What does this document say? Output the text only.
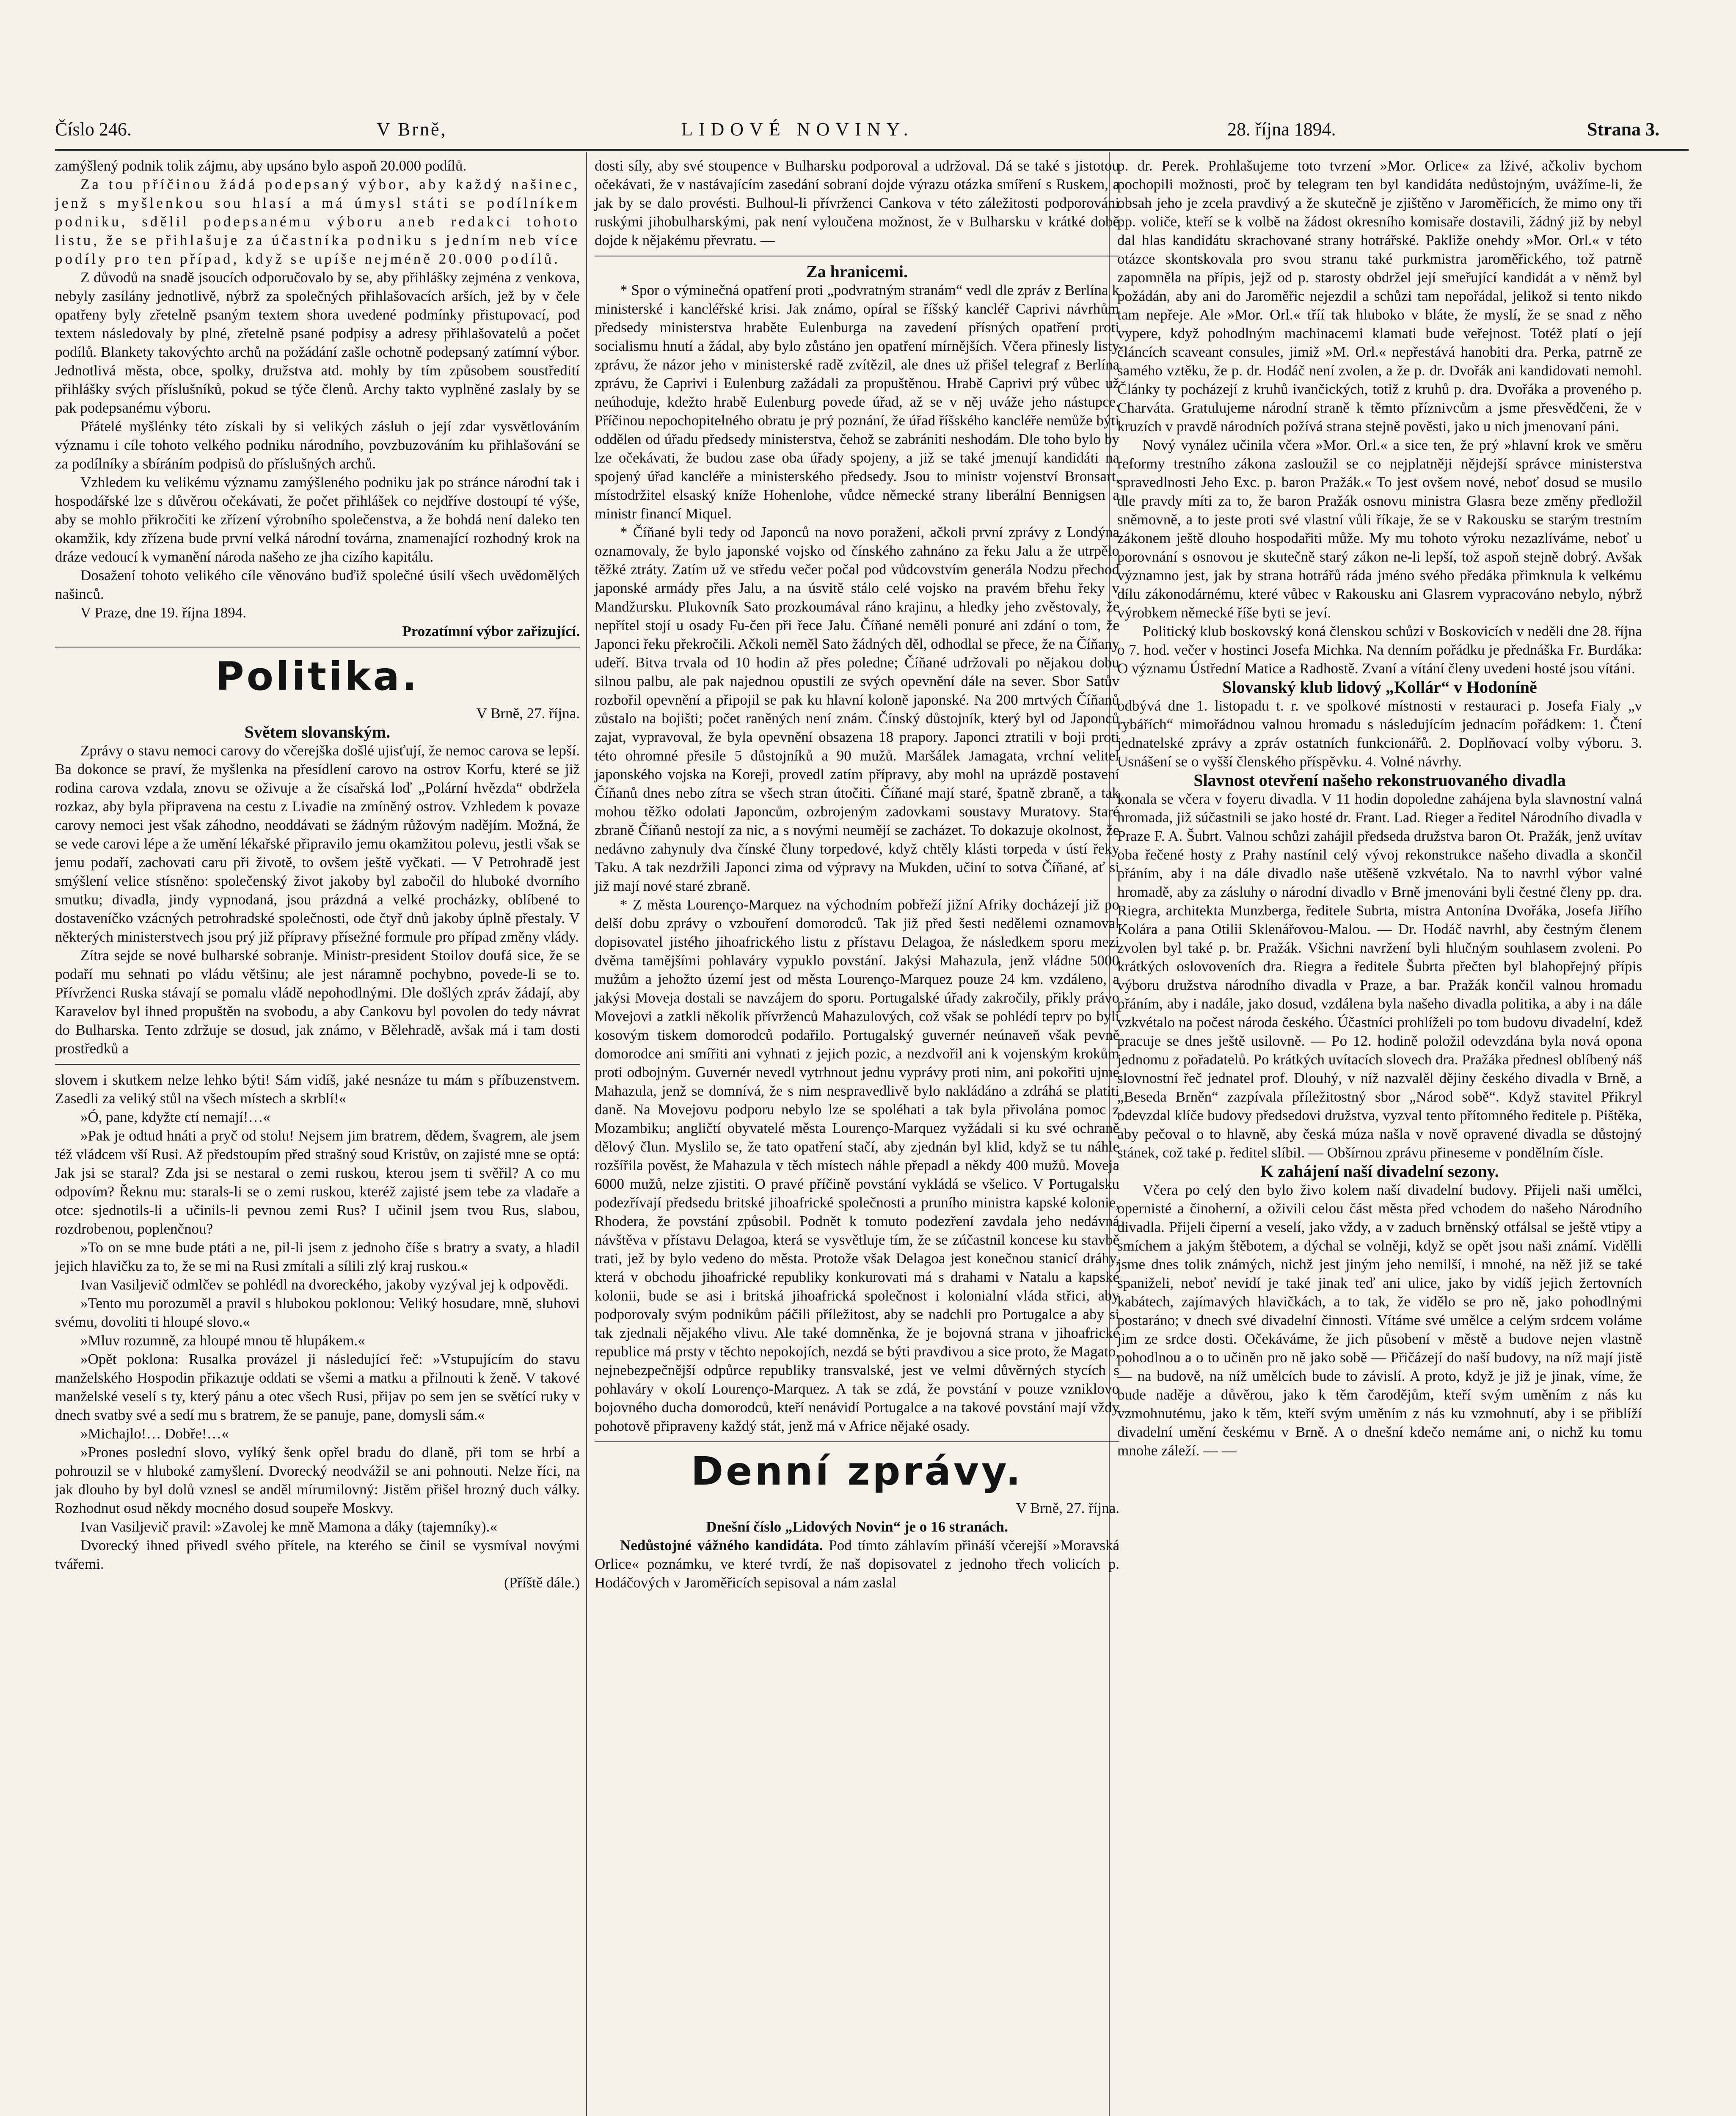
Číslo 246.	V Brně,	LIDOVÉ NOVINY.	28. října 1894.	Strana 3.

zamýšlený podnik tolik zájmu, aby upsáno bylo aspoň 20.000 podílů.

Za tou příčinou žádá podepsaný výbor, aby každý našinec, jenž s myšlenkou sou hlasí a má úmysl státi se podílníkem podniku, sdělil podepsanému výboru aneb redakci tohoto listu, že se přihlašuje za účastníka podniku s jedním neb více podíly pro ten případ, když se upíše nejméně 20.000 podílů.

Z důvodů na snadě jsoucích odporučovalo by se, aby přihlášky zejména z venkova, nebyly zasílány jednotlivě, nýbrž za společných přihlašovacích arších, jež by v čele opatřeny byly zřetelně psaným textem shora uvedené podmínky přistupovací, pod textem následovaly by plné, zřetelně psané podpisy a adresy přihlašovatelů a počet podílů. Blankety takovýchto archů na požádání zašle ochotně podepsaný zatímní výbor. Jednotlivá města, obce, spolky, družstva atd. mohly by tím způsobem soustředití přihlášky svých příslušníků, pokud se týče členů. Archy takto vyplněné zaslaly by se pak podepsanému výboru.

Přátelé myšlénky této získali by si velikých zásluh o její zdar vysvětlováním významu i cíle tohoto velkého podniku národního, povzbuzováním ku přihlašování se za podílníky a sbíráním podpisů do příslušných archů.

Vzhledem ku velikému významu zamýšleného podniku jak po stránce národní tak i hospodářské lze s důvěrou očekávati, že počet přihlášek co nejdříve dostoupí té výše, aby se mohlo přikročiti ke zřízení výrobního společenstva, a že bohdá není daleko ten okamžik, kdy zřízena bude první velká národní továrna, znamenající rozhodný krok na dráze vedoucí k vymanění národa našeho ze jha cizího kapitálu.

Dosažení tohoto velikého cíle věnováno buďiž společné úsilí všech uvědomělých našinců.

V Praze, dne 19. října 1894.

Prozatímní výbor zařizující.

Politika.

V Brně, 27. října.

Světem slovanským.

Zprávy o stavu nemoci carovy do včerejška došlé ujisťují, že nemoc carova se lepší. Ba dokonce se praví, že myšlenka na přesídlení carovo na ostrov Korfu, které se již rodina carova vzdala, znovu se oživuje a že císařská loď „Polární hvězda“ obdržela rozkaz, aby byla připravena na cestu z Livadie na zmíněný ostrov. Vzhledem k povaze carovy nemoci jest však záhodno, neoddávati se žádným růžovým nadějím. Možná, že se vede carovi lépe a že umění lékařské připravilo jemu okamžitou polevu, jestli však se jemu podaří, zachovati caru při životě, to ovšem ještě vyčkati. — V Petrohradě jest smýšlení velice stísněno: společenský život jakoby byl zabočil do hluboké dvorního smutku; divadla, jindy vypnodaná, jsou prázdná a velké procházky, oblíbené to dostaveníčko vzácných petrohradské společnosti, ode čtyř dnů jakoby úplně přestaly. V některých ministerstvech jsou prý již přípravy přísežné formule pro případ změny vlády.

Zítra sejde se nové bulharské sobranje. Ministr-president Stoilov doufá sice, že se podaří mu sehnati po vládu většinu; ale jest náramně pochybno, povede-li se to. Přívrženci Ruska stávají se pomalu vládě nepohodlnými. Dle došlých zpráv žádají, aby Karavelov byl ihned propuštěn na svobodu, a aby Cankovu byl povolen do tedy návrat do Bulharska. Tento zdržuje se dosud, jak známo, v Bělehradě, avšak má i tam dosti prostředků a

slovem i skutkem nelze lehko býti! Sám vidíš, jaké nesnáze tu mám s příbuzenstvem. Zasedli za veliký stůl na všech místech a skrblí!«

»Ó, pane, kdyžte ctí nemají!…«

»Pak je odtud hnáti a pryč od stolu! Nejsem jim bratrem, dědem, švagrem, ale jsem též vládcem vší Rusi. Až předstoupím před strašný soud Kristův, on zajisté mne se optá: Jak jsi se staral? Zda jsi se nestaral o zemi ruskou, kterou jsem ti svěřil? A co mu odpovím? Řeknu mu: starals-li se o zemi ruskou, kteréž zajisté jsem tebe za vladaře a otce: sjednotils-li a učinils-li pevnou zemi Rus? I učinil jsem tvou Rus, slabou, rozdrobenou, poplenčnou?

»To on se mne bude ptáti a ne, pil-li jsem z jednoho číše s bratry a svaty, a hladil jejich hlavičku za to, že se mi na Rusi zmítali a sílili zlý kraj ruskou.«

Ivan Vasiljevič odmlčev se pohlédl na dvoreckého, jakoby vyzýval jej k odpovědi.

»Tento mu porozuměl a pravil s hlubokou poklonou: Veliký hosudare, mně, sluhovi svému, dovoliti ti hloupé slovo.«

»Mluv rozumně, za hloupé mnou tě hlupákem.«

»Opět poklona: Rusalka provázel ji následující řeč: »Vstupujícím do stavu manželského Hospodin přikazuje oddati se všemi a matku a přilnouti k ženě. V takové manželské veselí s ty, který pánu a otec všech Rusi, přijav po sem jen se světící ruky v dnech svatby své a sedí mu s bratrem, že se panuje, pane, domysli sám.«

»Michajlo!… Dobře!…«

»Prones poslední slovo, vylíký šenk opřel bradu do dlaně, při tom se hrbí a pohrouzil se v hluboké zamyšlení. Dvorecký neodvážil se ani pohnouti. Nelze říci, na jak dlouho by byl dolů vznesl se anděl mírumilovný: Jistěm přišel hrozný duch války. Rozhodnut osud někdy mocného dosud soupeře Moskvy.

Ivan Vasiljevič pravil: »Zavolej ke mně Mamona a dáky (tajemníky).«

Dvorecký ihned přivedl svého přítele, na kterého se činil se vysmíval novými tvářemi.

(Příště dále.)

dosti síly, aby své stoupence v Bulharsku podporoval a udržoval. Dá se také s jistotou očekávati, že v nastávajícím zasedání sobraní dojde výrazu otázka smíření s Ruskem, a jak by se dalo provésti. Bulhoul-li přívrženci Cankova v této záležitosti podporováni ruskými jihobulharskými, pak není vyloučena možnost, že v Bulharsku v krátké době dojde k nějakému převratu. —

Za hranicemi.

* Spor o výminečná opatření proti „podvratným stranám“ vedl dle zpráv z Berlína k ministerské i kancléřské krisi. Jak známo, opíral se říšský kancléř Caprivi návrhům předsedy ministerstva hraběte Eulenburga na zavedení přísných opatření proti socialismu hnutí a žádal, aby bylo zůstáno jen opatření mírnějších. Včera přinesly listy zprávu, že názor jeho v ministerské radě zvítězil, ale dnes už přišel telegraf z Berlína zprávu, že Caprivi i Eulenburg zažádali za propuštěnou. Hrabě Caprivi prý vůbec už neúhoduje, kdežto hrabě Eulenburg povede úřad, až se v něj uváže jeho nástupce. Příčinou nepochopitelného obratu je prý poznání, že úřad říšského kancléře nemůže býti oddělen od úřadu předsedy ministerstva, čehož se zabrániti neshodám. Dle toho bylo by lze očekávati, že budou zase oba úřady spojeny, a již se také jmenují kandidáti na spojený úřad kancléře a ministerského předsedy. Jsou to ministr vojenství Bronsart, místodržitel elsaský kníže Hohenlohe, vůdce německé strany liberální Bennigsen a ministr financí Miquel.

* Číňané byli tedy od Japonců na novo poraženi, ačkoli první zprávy z Londýna oznamovaly, že bylo japonské vojsko od čínského zahnáno za řeku Jalu a že utrpělo těžké ztráty. Zatím už ve středu večer počal pod vůdcovstvím generála Nodzu přechod japonské armády přes Jalu, a na úsvitě stálo celé vojsko na pravém břehu řeky v Mandžursku. Plukovník Sato prozkoumával ráno krajinu, a hledky jeho zvěstovaly, že nepřítel stojí u osady Fu-čen při řece Jalu. Číňané neměli ponuré ani zdání o tom, že Japonci řeku překročili. Ačkoli neměl Sato žádných děl, odhodlal se přece, že na Číňany udeří. Bitva trvala od 10 hodin až přes poledne; Číňané udržovali po nějakou dobu silnou palbu, ale pak najednou opustili ze svých opevnění dále na sever. Sbor Satův rozbořil opevnění a připojil se pak ku hlavní koloně japonské. Na 200 mrtvých Číňanů zůstalo na bojišti; počet raněných není znám. Čínský důstojník, který byl od Japonců zajat, vypravoval, že byla opevnění obsazena 18 prapory. Japonci ztratili v boji proti této ohromné přesile 5 důstojníků a 90 mužů. Maršálek Jamagata, vrchní velitel japonského vojska na Koreji, provedl zatím přípravy, aby mohl na uprázdě postavení Číňanů dnes nebo zítra se všech stran útočiti. Číňané mají staré, špatně zbraně, a tak mohou těžko odolati Japoncům, ozbrojeným zadovkami soustavy Muratovy. Staré zbraně Číňanů nestojí za nic, a s novými neumějí se zacházet. To dokazuje okolnost, že nedávno zahynuly dva čínské čluny torpedové, když chtěly klásti torpeda v ústí řeky Taku. A tak nezdržili Japonci zima od výpravy na Mukden, učiní to sotva Číňané, ať si již mají nové staré zbraně.

* Z města Lourenço-Marquez na východním pobřeží jižní Afriky docházejí již po delší dobu zprávy o vzbouření domorodců. Tak již před šesti nedělemi oznamoval dopisovatel jistého jihoafrického listu z přístavu Delagoa, že následkem sporu mezi dvěma tamějšími pohlaváry vypuklo povstání. Jakýsi Mahazula, jenž vládne 5000 mužům a jehožto území jest od města Lourenço-Marquez pouze 24 km. vzdáleno, a jakýsi Moveja dostali se navzájem do sporu. Portugalské úřady zakročily, přikly právo Movejovi a zatkli několik přívrženců Mahazulových, což však se pohlédí teprv po byli kosovým tiskem domorodců podařilo. Portugalský guvernér neúnaveň však pevně domorodce ani smířiti ani vyhnati z jejich pozic, a nezdvořil ani k vojenským krokům proti odbojným. Guvernér nevedl vytrhnout jednu vyprávy proti nim, ani pokořiti ujme Mahazula, jenž se domnívá, že s nim nespravedlivě bylo nakládáno a zdráhá se platiti daně. Na Movejovu podporu nebylo lze se spoléhati a tak byla přivolána pomoc z Mozambiku; angličtí obyvatelé města Lourenço-Marquez vyžádali si ku své ochraně dělový člun. Myslilo se, že tato opatření stačí, aby zjednán byl klid, když se tu náhle rozšířila pověst, že Mahazula v těch místech náhle přepadl a někdy 400 mužů. Moveja 6000 mužů, nelze zjistiti. O pravé příčině povstání vykládá se všelico. V Portugalsku podezřívají předsedu britské jihoafrické společnosti a pruního ministra kapské kolonie, Rhodera, že povstání způsobil. Podnět k tomuto podezření zavdala jeho nedávná návštěva v přístavu Delagoa, která se vysvětluje tím, že se zúčastnil koncese ku stavbě trati, jež by bylo vedeno do města. Protože však Delagoa jest konečnou stanicí dráhy, která v obchodu jihoafrické republiky konkurovati má s drahami v Natalu a kapské kolonii, bude se asi i britská jihoafrická společnost i kolonialní vláda střici, aby podporovaly svým podnikům páčili příležitost, aby se nadchli pro Portugalce a aby si tak zjednali nějakého vlivu. Ale také domněnka, že je bojovná strana v jihoafrické republice má prsty v těchto nepokojích, nezdá se býti pravdivou a sice proto, že Magato, nejnebezpečnější odpůrce republiky transvalské, jest ve velmi důvěrných stycích s pohlaváry v okolí Lourenço-Marquez. A tak se zdá, že povstání v pouze vzniklovo bojovného ducha domorodců, kteří nenávidí Portugalce a na takové povstání mají vždy pohotově připraveny každý stát, jenž má v Africe nějaké osady.

Denní zprávy.

V Brně, 27. října.

Dnešní číslo „Lidových Novin“ je o 16 stranách.

Nedůstojné vážného kandidáta. Pod tímto záhlavím přináší včerejší »Moravská Orlice« poznámku, ve které tvrdí, že naš dopisovatel z jednoho třech volicích p. Hodáčových v Jaroměřicích sepisoval a nám zaslal

p. dr. Perek. Prohlašujeme toto tvrzení »Mor. Orlice« za lživé, ačkoliv bychom pochopili možnosti, proč by telegram ten byl kandidáta nedůstojným, uvážíme-li, že obsah jeho je zcela pravdivý a že skutečně je zjištěno v Jaroměřicích, že mimo ony tři pp. voliče, kteří se k volbě na žádost okresního komisaře dostavili, žádný již by nebyl dal hlas kandidátu skrachované strany hotrářské. Pakliže onehdy »Mor. Orl.« v této otázce skontskovala pro svou stranu také purkmistra jaroměřického, tož patrně zapomněla na přípis, jejž od p. starosty obdržel její smeřující kandidát a v němž byl požádán, aby ani do Jaroměřic nejezdil a schůzi tam nepořádal, jelikož si tento nikdo tam nepřeje. Ale »Mor. Orl.« tříí tak hluboko v bláte, že myslí, že se snad z něho vypere, když pohodlným machinacemi klamati bude veřejnost. Totéž platí o její článcích scaveant consules, jimiž »M. Orl.« nepřestává hanobiti dra. Perka, patrně ze samého vztěku, že p. dr. Hodáč není zvolen, a že p. dr. Dvořák ani kandidovati nemohl. Články ty pocházejí z kruhů ivančických, totiž z kruhů p. dra. Dvořáka a proveného p. Charváta. Gratulujeme národní straně k těmto příznivcům a jsme přesvědčeni, že v kruzích v pravdě národních požívá strana stejně pověsti, jako u nich jmenovaní páni.

Nový vynález učinila včera »Mor. Orl.« a sice ten, že prý »hlavní krok ve směru reformy trestního zákona zasloužil se co nejplatněji nějdejší správce ministerstva spravedlnosti Jeho Exc. p. baron Pražák.« To jest ovšem nové, neboť dosud se musilo dle pravdy míti za to, že baron Pražák osnovu ministra Glasra beze změny předložil sněmovně, a to jeste proti své vlastní vůli říkaje, že se v Rakousku se starým trestním zákonem ještě dlouho hospodařiti může. My mu tohoto výroku nezazlíváme, neboť u porovnání s osnovou je skutečně starý zákon ne-li lepší, tož aspoň stejně dobrý. Avšak významno jest, jak by strana hotrářů ráda jméno svého předáka přimknula k velkému dílu zákonodárnému, které vůbec v Rakousku ani Glasrem vypracováno nebylo, nýbrž výrobkem německé říše byti se jeví.

Politický klub boskovský koná členskou schůzi v Boskovicích v neděli dne 28. října o 7. hod. večer v hostinci Josefa Michka. Na denním pořádku je přednáška Fr. Burdáka: O významu Ústřední Matice a Radhostě. Zvaní a vítání členy uvedeni hosté jsou vítáni.

Slovanský klub lidový „Kollár“ v Hodoníně

odbývá dne 1. listopadu t. r. ve spolkové místnosti v restauraci p. Josefa Fialy „v rybářích“ mimořádnou valnou hromadu s následujícím jednacím pořádkem: 1. Čtení jednatelské zprávy a zpráv ostatních funkcionářů. 2. Doplňovací volby výboru. 3. Usnášení se o vyšší členského příspěvku. 4. Volné návrhy.

Slavnost otevření našeho rekonstruovaného divadla

konala se včera v foyeru divadla. V 11 hodin dopoledne zahájena byla slavnostní valná hromada, již súčastnili se jako hosté dr. Frant. Lad. Rieger a ředitel Národního divadla v Praze F. A. Šubrt. Valnou schůzi zahájil předseda družstva baron Ot. Pražák, jenž uvítav oba řečené hosty z Prahy nastínil celý vývoj rekonstrukce našeho divadla a skončil přáním, aby i na dále divadlo naše utěšeně vzkvétalo. Na to navrhl výbor valné hromadě, aby za zásluhy o národní divadlo v Brně jmenováni byli čestné členy pp. dra. Riegra, architekta Munzberga, ředitele Subrta, mistra Antonína Dvořáka, Josefa Jiřího Kolára a pana Otilii Sklenářovou-Malou. — Dr. Hodáč navrhl, aby čestným členem zvolen byl také p. br. Pražák. Všichni navržení byli hlučným souhlasem zvoleni. Po krátkých oslovoveních dra. Riegra a ředitele Šubrta přečten byl blahopřejný přípis výboru družstva národního divadla v Praze, a bar. Pražák končil valnou hromadu přáním, aby i nadále, jako dosud, vzdálena byla našeho divadla politika, a aby i na dále vzkvétalo na počest národa českého. Účastníci prohlíželi po tom budovu divadelní, kdež pracuje se dnes ještě usilovně. — Po 12. hodině položil odevzdána byla nová opona jednomu z pořadatelů. Po krátkých uvítacích slovech dra. Pražáka přednesl oblíbený náš slovnostní řeč jednatel prof. Dlouhý, v níž nazvalěl dějiny českého divadla v Brně, a „Beseda Brněn“ zazpívala příležitostný sbor „Národ sobě“. Když stavitel Přikryl odevzdal klíče budovy předsedovi družstva, vyzval tento přítomného ředitele p. Pištěka, aby pečoval o to hlavně, aby česká múza našla v nově opravené divadla se důstojný stánek, což také p. ředitel slíbil. — Obšírnou zprávu přineseme v pondělním čísle.

K zahájení naší divadelní sezony.

Včera po celý den bylo živo kolem naší divadelní budovy. Přijeli naši umělci, opernisté a činoherní, a oživili celou část města před vchodem do našeho Národního divadla. Přijeli čiperní a veselí, jako vždy, a v zaduch brněnský otfálsal se ještě vtipy a smíchem a jakým štěbotem, a dýchal se volněji, když se opět jsou naši známí. Vidělli jsme dnes tolik známých, nichž jest jiným jeho nemilší, i mnohé, na něž již se také spaniželi, neboť nevidí je také jinak teď ani ulice, jako by vidíš jejich žertovních kabátech, zajímavých hlavičkách, a to tak, že vidělo se pro ně, jako pohodlnými postaráno; v dnech své divadelní činnosti. Vítáme své umělce a celým srdcem voláme jim ze srdce dosti. Očekáváme, že jich působení v městě a budove nejen vlastně pohodlnou a o to učiněn pro ně jako sobě — Přičázejí do naší budovy, na níž mají jistě — na budově, na níž umělcích bude to závislí. A proto, když je již je jinak, víme, že bude naděje a důvěrou, jako k těm čarodějům, kteří svým uměním z nás ku vzmohnutému, jako k těm, kteří svým uměním z nás ku vzmohnutí, aby i se přiblíží divadelní umění českému v Brně. A o dnešní kdečo nemáme ani, o nichž ku tomu mnohe záleží. — —
